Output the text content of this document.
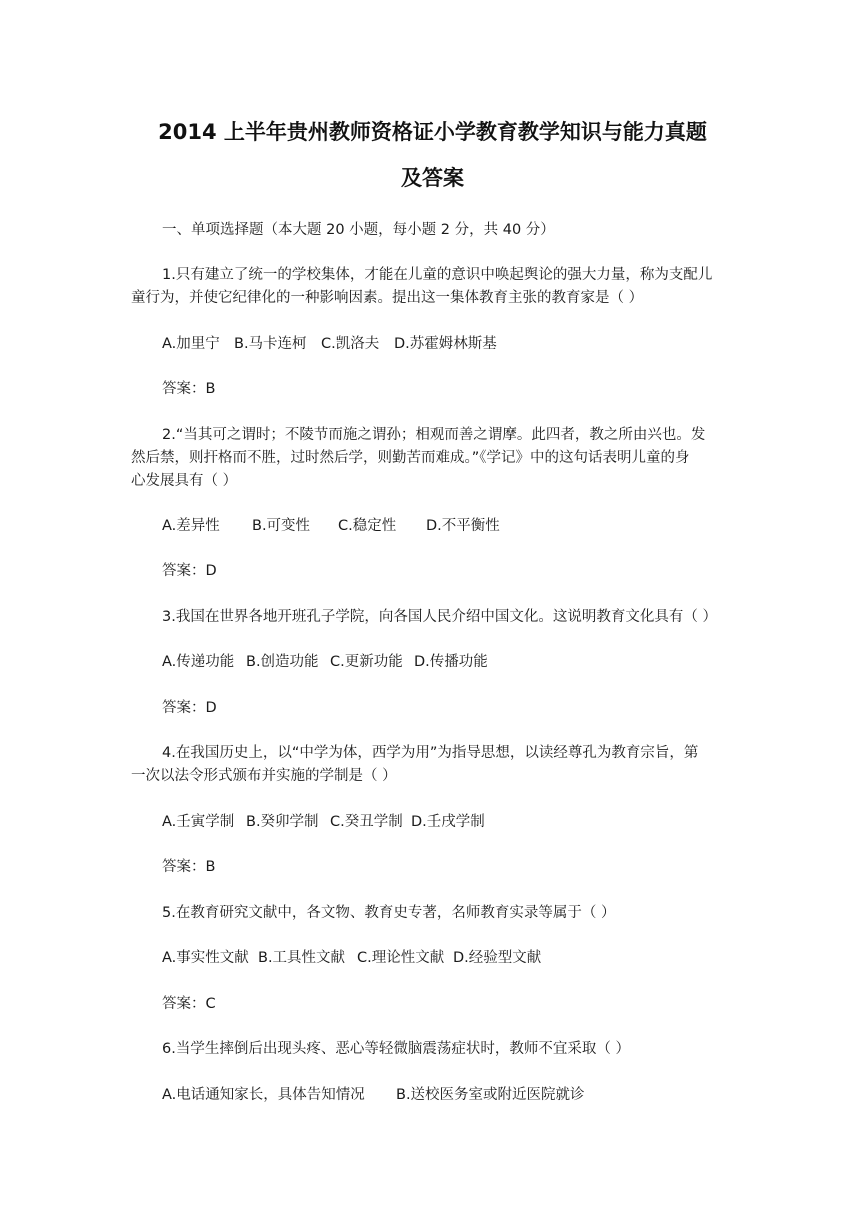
2014 上半年贵州教师资格证小学教育教学知识与能力真题
及答案
一、单项选择题（本大题 20 小题，每小题 2 分，共 40 分）
1.只有建立了统一的学校集体，才能在儿童的意识中唤起舆论的强大力量，称为支配儿
童行为，并使它纪律化的一种影响因素。提出这一集体教育主张的教育家是（ ）
A.加里宁 B.马卡连柯 C.凯洛夫 D.苏霍姆林斯基
答案：B
2.“当其可之谓时；不陵节而施之谓孙；相观而善之谓摩。此四者，教之所由兴也。发
然后禁，则扞格而不胜，过时然后学，则勤苦而难成。”《学记》中的这句话表明儿童的身
心发展具有（ ）
A.差异性 B.可变性 C.稳定性 D.不平衡性
答案：D
3.我国在世界各地开班孔子学院，向各国人民介绍中国文化。这说明教育文化具有（ ）
A.传递功能 B.创造功能 C.更新功能 D.传播功能
答案：D
4.在我国历史上，以“中学为体，西学为用”为指导思想，以读经尊孔为教育宗旨，第
一次以法令形式颁布并实施的学制是（ ）
A.壬寅学制 B.癸卯学制 C.癸丑学制 D.壬戌学制
答案：B
5.在教育研究文献中，各文物、教育史专著，名师教育实录等属于（ ）
A.事实性文献 B.工具性文献 C.理论性文献 D.经验型文献
答案：C
6.当学生摔倒后出现头疼、恶心等轻微脑震荡症状时，教师不宜采取（ ）
A.电话通知家长，具体告知情况 B.送校医务室或附近医院就诊
